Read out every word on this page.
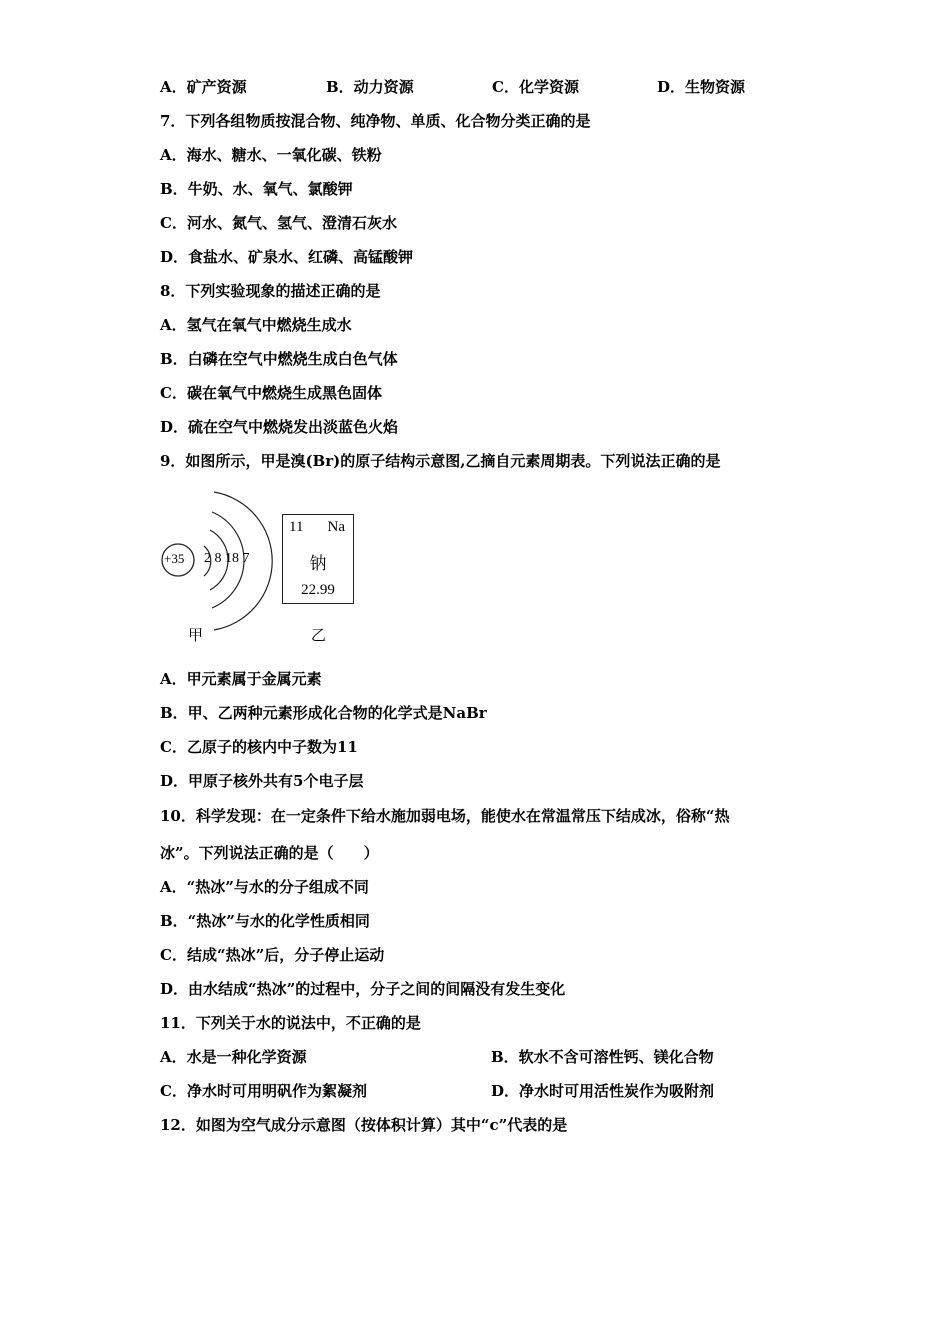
A．矿产资源	B．动力资源	C．化学资源	D．生物资源
7．下列各组物质按混合物、纯净物、单质、化合物分类正确的是
A．海水、糖水、一氧化碳、铁粉
B．牛奶、水、氧气、氯酸钾
C．河水、氮气、氢气、澄清石灰水
D．食盐水、矿泉水、红磷、高锰酸钾
8．下列实验现象的描述正确的是
A．氢气在氧气中燃烧生成水
B．白磷在空气中燃烧生成白色气体
C．碳在氧气中燃烧生成黑色固体
D．硫在空气中燃烧发出淡蓝色火焰
9．如图所示，甲是溴(Br)的原子结构示意图,乙摘自元素周期表。下列说法正确的是
+35 2 8 18 7
甲
11 Na
钠
22.99
乙
A．甲元素属于金属元素
B．甲、乙两种元素形成化合物的化学式是NaBr
C．乙原子的核内中子数为11
D．甲原子核外共有5个电子层
10．科学发现：在一定条件下给水施加弱电场，能使水在常温常压下结成冰，俗称“热
冰”。下列说法正确的是（　　）
A．“热冰”与水的分子组成不同
B．“热冰”与水的化学性质相同
C．结成“热冰”后，分子停止运动
D．由水结成“热冰”的过程中，分子之间的间隔没有发生变化
11．下列关于水的说法中，不正确的是
A．水是一种化学资源	B．软水不含可溶性钙、镁化合物
C．净水时可用明矾作为絮凝剂	D．净水时可用活性炭作为吸附剂
12．如图为空气成分示意图（按体积计算）其中“c”代表的是
